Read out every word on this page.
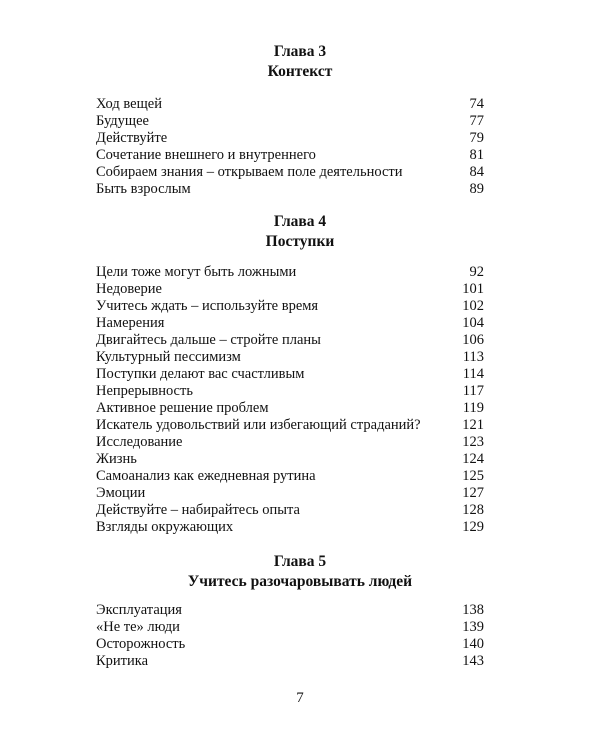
Глава 3
Контекст
Ход вещей	74
Будущее	77
Действуйте	79
Сочетание внешнего и внутреннего	81
Собираем знания – открываем поле деятельности	84
Быть взрослым	89
Глава 4
Поступки
Цели тоже могут быть ложными	92
Недоверие	101
Учитесь ждать – используйте время	102
Намерения	104
Двигайтесь дальше – стройте планы	106
Культурный пессимизм	113
Поступки делают вас счастливым	114
Непрерывность	117
Активное решение проблем	119
Искатель удовольствий или избегающий страданий?	121
Исследование	123
Жизнь	124
Самоанализ как ежедневная рутина	125
Эмоции	127
Действуйте – набирайтесь опыта	128
Взгляды окружающих	129
Глава 5
Учитесь разочаровывать людей
Эксплуатация	138
«Не те» люди	139
Осторожность	140
Критика	143
7
